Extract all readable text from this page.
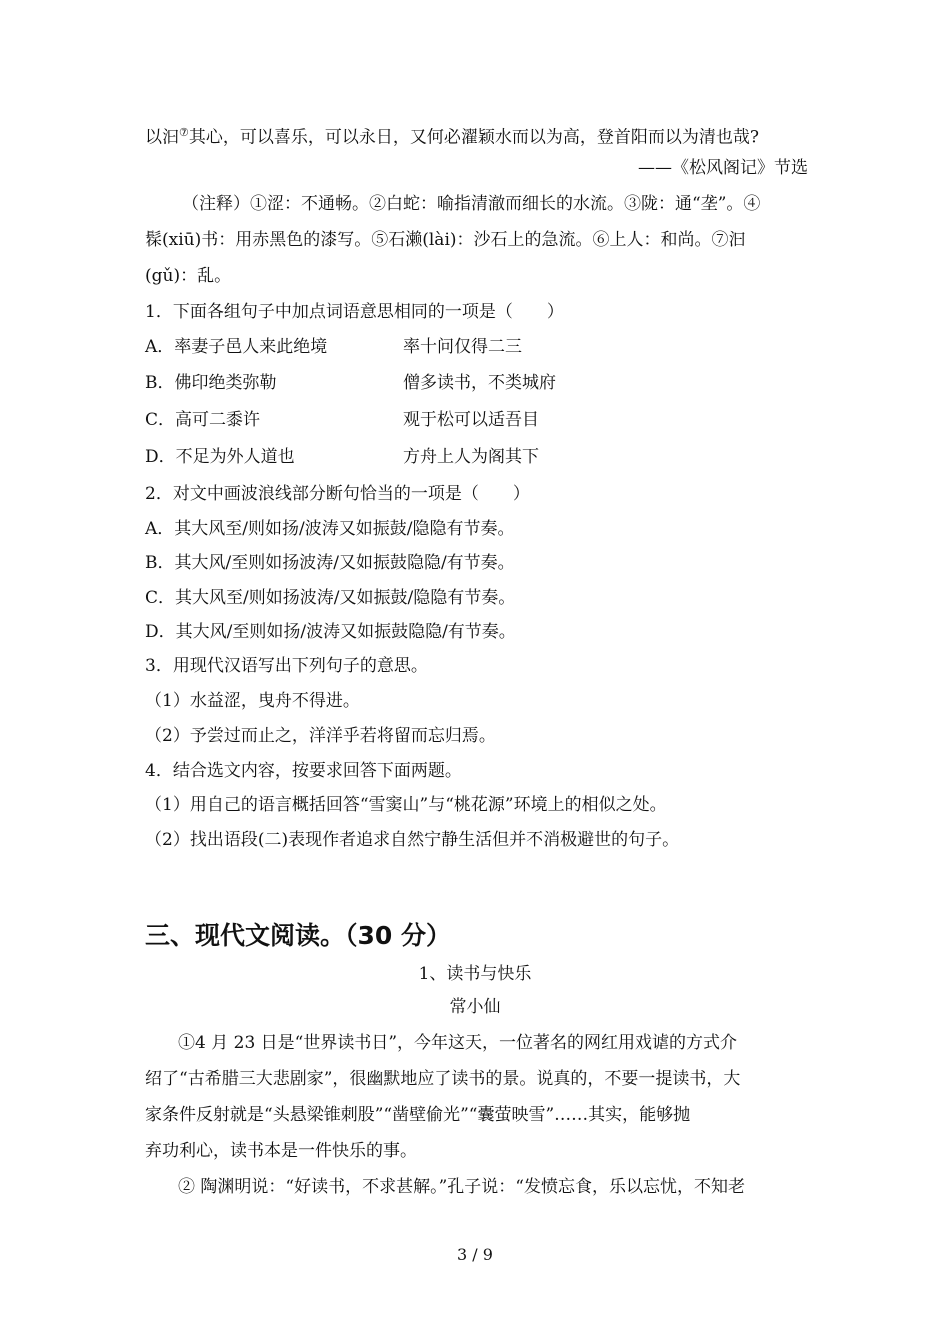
以汩⑦其心，可以喜乐，可以永日，又何必濯颖水而以为高，登首阳而以为清也哉?
——《松风阁记》节选
（注释）①涩：不通畅。②白蛇：喻指清澈而细长的水流。③陇：通“垄”。④
髹(xiū)书：用赤黑色的漆写。⑤石濑(lài)：沙石上的急流。⑥上人：和尚。⑦汩
(gǔ)：乱。
1．下面各组句子中加点词语意思相同的一项是（　　）
A．率妻子邑人来此绝境	率十问仅得二三
B．佛印绝类弥勒	僧多读书，不类城府
C．高可二黍许	观于松可以适吾目
D．不足为外人道也	方舟上人为阁其下
2．对文中画波浪线部分断句恰当的一项是（　　）
A．其大风至/则如扬/波涛又如振鼓/隐隐有节奏。
B．其大风/至则如扬波涛/又如振鼓隐隐/有节奏。
C．其大风至/则如扬波涛/又如振鼓/隐隐有节奏。
D．其大风/至则如扬/波涛又如振鼓隐隐/有节奏。
3．用现代汉语写出下列句子的意思。
（1）水益涩，曳舟不得进。
（2）予尝过而止之，洋洋乎若将留而忘归焉。
4．结合选文内容，按要求回答下面两题。
（1）用自己的语言概括回答“雪窦山”与“桃花源”环境上的相似之处。
（2）找出语段(二)表现作者追求自然宁静生活但并不消极避世的句子。
三、现代文阅读。（30 分）
1、读书与快乐
常小仙
①4 月 23 日是“世界读书日”，今年这天，一位著名的网红用戏谑的方式介
绍了“古希腊三大悲剧家”，很幽默地应了读书的景。说真的，不要一提读书，大
家条件反射就是“头悬梁锥刺股”“凿壁偷光”“囊萤映雪”……其实，能够抛
弃功利心，读书本是一件快乐的事。
② 陶渊明说：“好读书，不求甚解。”孔子说：“发愤忘食，乐以忘忧，不知老
3 / 9
